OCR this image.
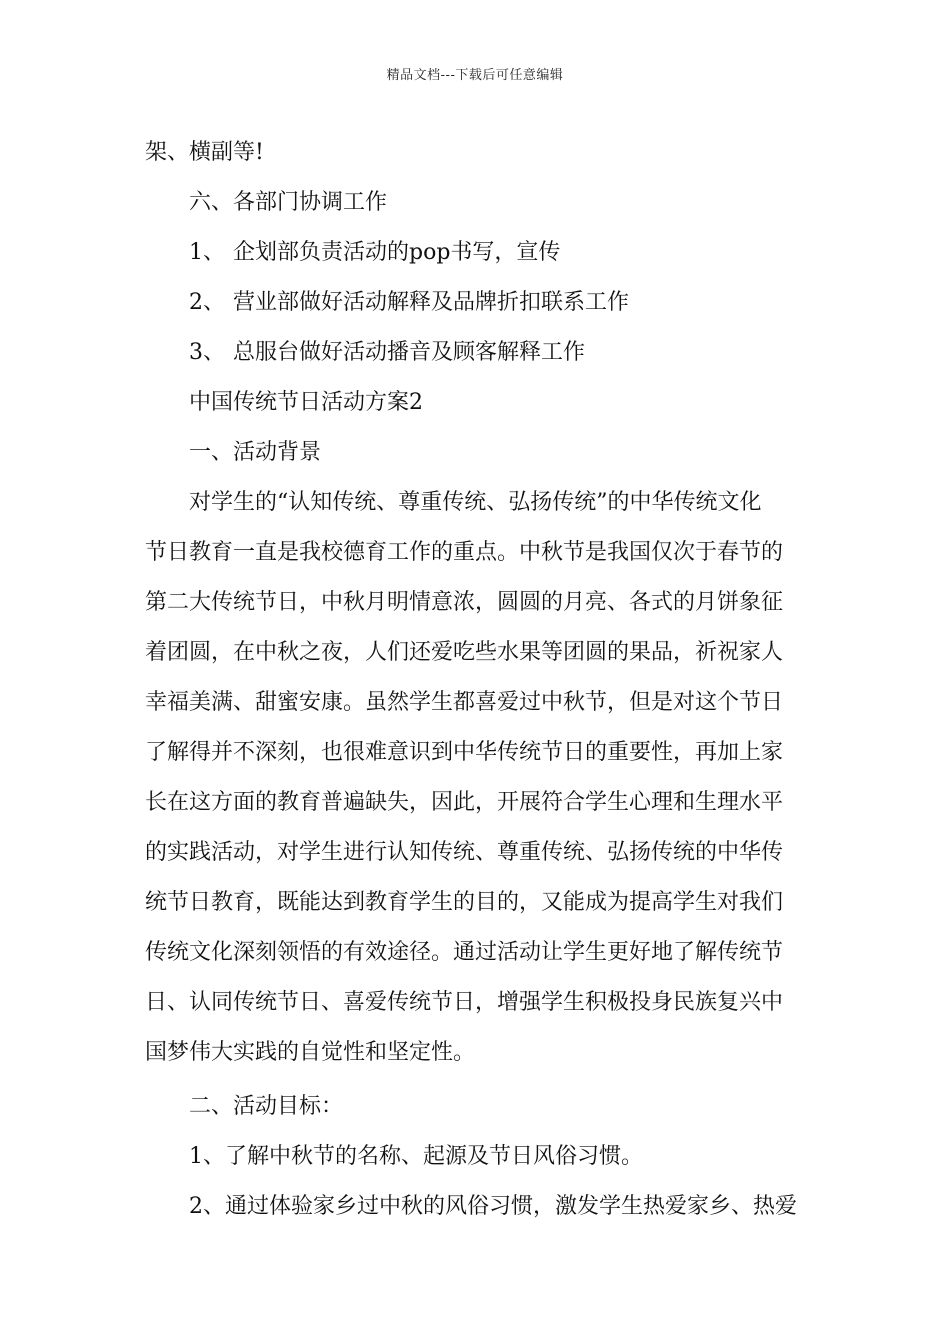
精品文档---下载后可任意编辑
架、横副等!
六、各部门协调工作
1、 企划部负责活动的pop书写，宣传
2、 营业部做好活动解释及品牌折扣联系工作
3、 总服台做好活动播音及顾客解释工作
中国传统节日活动方案2
一、活动背景
对学生的“认知传统、尊重传统、弘扬传统”的中华传统文化
节日教育一直是我校德育工作的重点。中秋节是我国仅次于春节的
第二大传统节日，中秋月明情意浓，圆圆的月亮、各式的月饼象征
着团圆，在中秋之夜，人们还爱吃些水果等团圆的果品，祈祝家人
幸福美满、甜蜜安康。虽然学生都喜爱过中秋节，但是对这个节日
了解得并不深刻，也很难意识到中华传统节日的重要性，再加上家
长在这方面的教育普遍缺失，因此，开展符合学生心理和生理水平
的实践活动，对学生进行认知传统、尊重传统、弘扬传统的中华传
统节日教育，既能达到教育学生的目的，又能成为提高学生对我们
传统文化深刻领悟的有效途径。通过活动让学生更好地了解传统节
日、认同传统节日、喜爱传统节日，增强学生积极投身民族复兴中
国梦伟大实践的自觉性和坚定性。
二、活动目标：
1、了解中秋节的名称、起源及节日风俗习惯。
2、通过体验家乡过中秋的风俗习惯，激发学生热爱家乡、热爱
